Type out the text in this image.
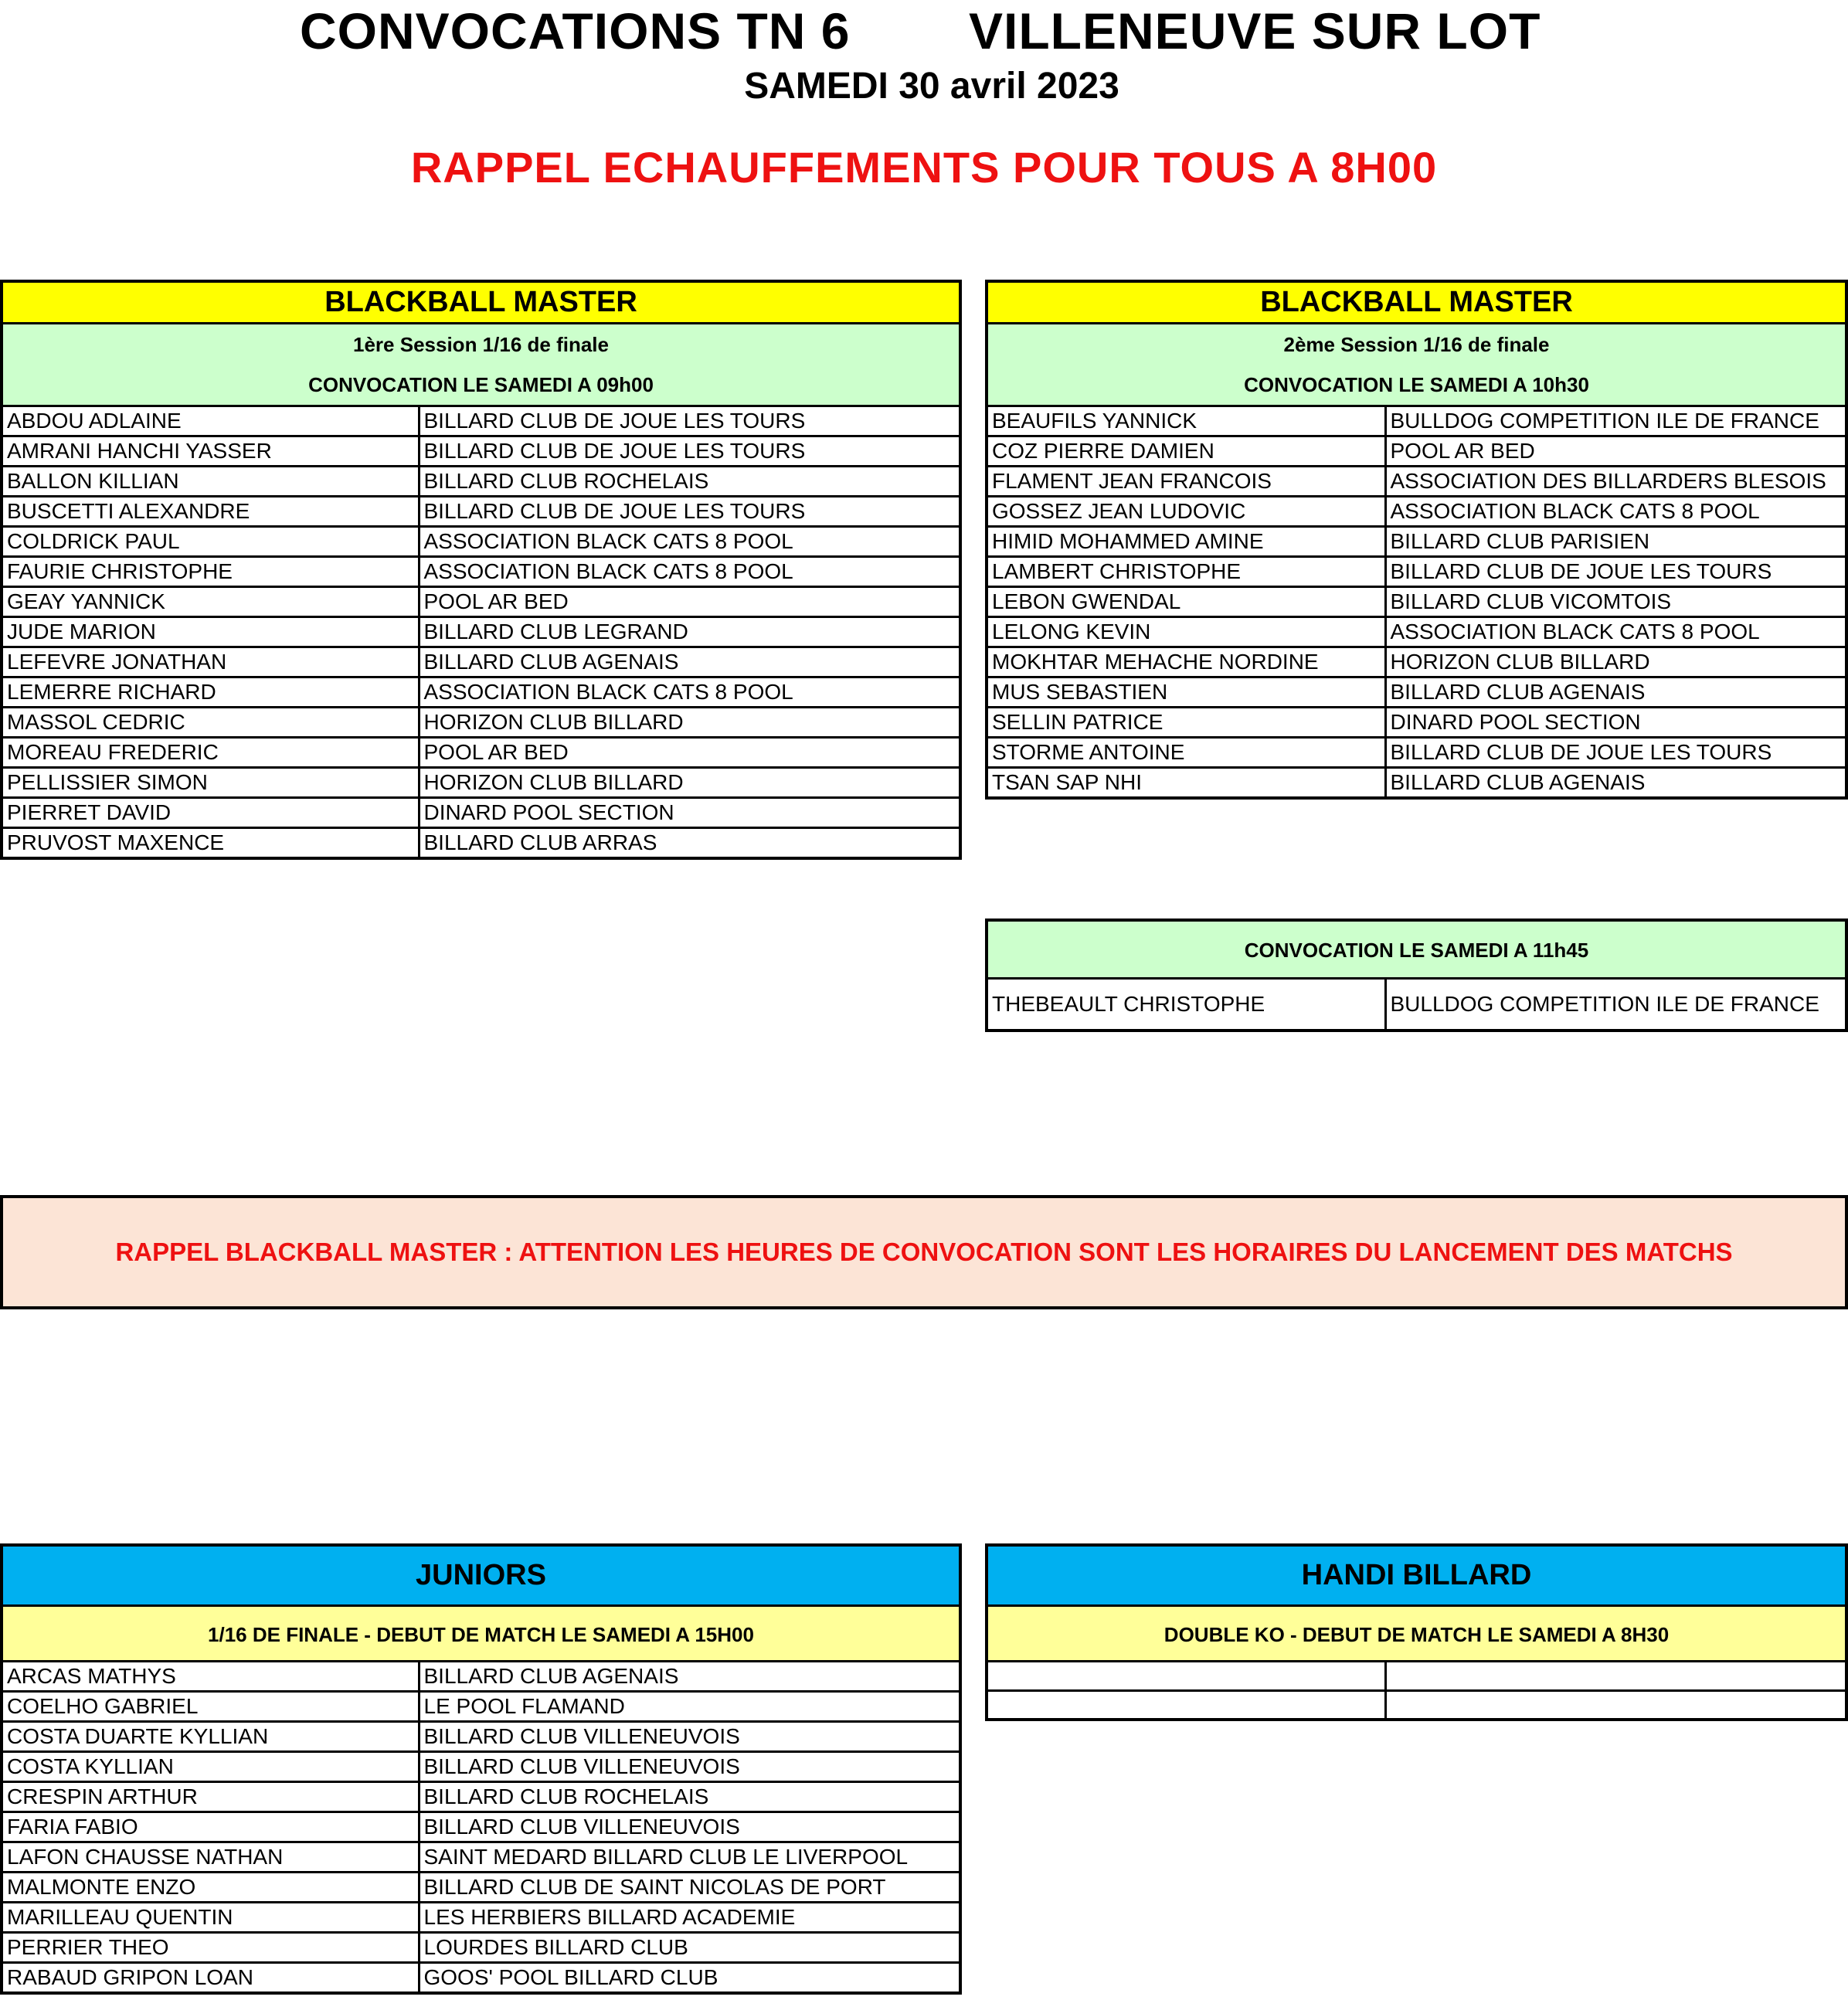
CONVOCATIONS TN 6 VILLENEUVE SUR LOT
SAMEDI 30 avril 2023
RAPPEL ECHAUFFEMENTS POUR TOUS A 8H00
BLACKBALL MASTER
1ère Session 1/16 de finale
CONVOCATION LE SAMEDI A 09h00
ABDOU ADLAINE	BILLARD CLUB DE JOUE LES TOURS
AMRANI HANCHI YASSER	BILLARD CLUB DE JOUE LES TOURS
BALLON KILLIAN	BILLARD CLUB ROCHELAIS
BUSCETTI ALEXANDRE	BILLARD CLUB DE JOUE LES TOURS
COLDRICK PAUL	ASSOCIATION BLACK CATS 8 POOL
FAURIE CHRISTOPHE	ASSOCIATION BLACK CATS 8 POOL
GEAY YANNICK	POOL AR BED
JUDE MARION	BILLARD CLUB LEGRAND
LEFEVRE JONATHAN	BILLARD CLUB AGENAIS
LEMERRE RICHARD	ASSOCIATION BLACK CATS 8 POOL
MASSOL CEDRIC	HORIZON CLUB BILLARD
MOREAU FREDERIC	POOL AR BED
PELLISSIER SIMON	HORIZON CLUB BILLARD
PIERRET DAVID	DINARD POOL SECTION
PRUVOST MAXENCE	BILLARD CLUB ARRAS
BLACKBALL MASTER
2ème Session 1/16 de finale
CONVOCATION LE SAMEDI A 10h30
BEAUFILS YANNICK	BULLDOG COMPETITION ILE DE FRANCE
COZ PIERRE DAMIEN	POOL AR BED
FLAMENT JEAN FRANCOIS	ASSOCIATION DES BILLARDERS BLESOIS
GOSSEZ JEAN LUDOVIC	ASSOCIATION BLACK CATS 8 POOL
HIMID MOHAMMED AMINE	BILLARD CLUB PARISIEN
LAMBERT CHRISTOPHE	BILLARD CLUB DE JOUE LES TOURS
LEBON GWENDAL	BILLARD CLUB VICOMTOIS
LELONG KEVIN	ASSOCIATION BLACK CATS 8 POOL
MOKHTAR MEHACHE NORDINE	HORIZON CLUB BILLARD
MUS SEBASTIEN	BILLARD CLUB AGENAIS
SELLIN PATRICE	DINARD POOL SECTION
STORME ANTOINE	BILLARD CLUB DE JOUE LES TOURS
TSAN SAP NHI	BILLARD CLUB AGENAIS
CONVOCATION LE SAMEDI A 11h45
THEBEAULT CHRISTOPHE	BULLDOG COMPETITION ILE DE FRANCE
RAPPEL BLACKBALL MASTER : ATTENTION LES HEURES DE CONVOCATION SONT LES HORAIRES DU LANCEMENT DES MATCHS
JUNIORS
1/16 DE FINALE - DEBUT DE MATCH LE SAMEDI A 15H00
ARCAS MATHYS	BILLARD CLUB AGENAIS
COELHO GABRIEL	LE POOL FLAMAND
COSTA DUARTE KYLLIAN	BILLARD CLUB VILLENEUVOIS
COSTA KYLLIAN	BILLARD CLUB VILLENEUVOIS
CRESPIN ARTHUR	BILLARD CLUB ROCHELAIS
FARIA FABIO	BILLARD CLUB VILLENEUVOIS
LAFON CHAUSSE NATHAN	SAINT MEDARD BILLARD CLUB LE LIVERPOOL
MALMONTE ENZO	BILLARD CLUB DE SAINT NICOLAS DE PORT
MARILLEAU QUENTIN	LES HERBIERS BILLARD ACADEMIE
PERRIER THEO	LOURDES BILLARD CLUB
RABAUD GRIPON LOAN	GOOS' POOL BILLARD CLUB
HANDI BILLARD
DOUBLE KO - DEBUT DE MATCH LE SAMEDI A 8H30
